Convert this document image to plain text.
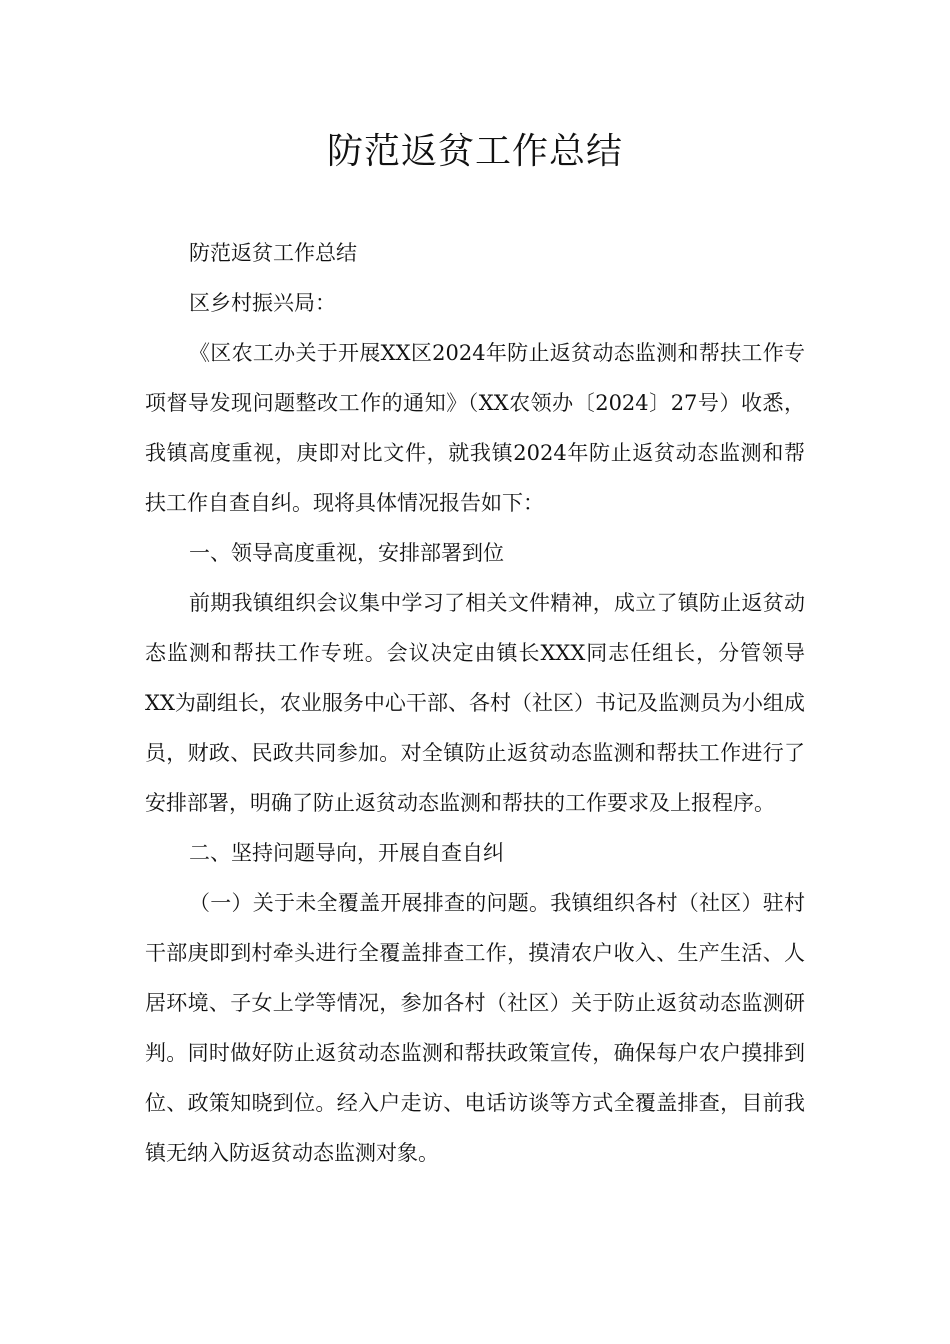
防范返贫工作总结

防范返贫工作总结

区乡村振兴局：

《区农工办关于开展XX区2024年防止返贫动态监测和帮扶工作专项督导发现问题整改工作的通知》（XX农领办〔2024〕27号）收悉，我镇高度重视，庚即对比文件，就我镇2024年防止返贫动态监测和帮扶工作自查自纠。现将具体情况报告如下：

一、领导高度重视，安排部署到位

前期我镇组织会议集中学习了相关文件精神，成立了镇防止返贫动态监测和帮扶工作专班。会议决定由镇长XXX同志任组长，分管领导XX为副组长，农业服务中心干部、各村（社区）书记及监测员为小组成员，财政、民政共同参加。对全镇防止返贫动态监测和帮扶工作进行了安排部署，明确了防止返贫动态监测和帮扶的工作要求及上报程序。

二、坚持问题导向，开展自查自纠

（一）关于未全覆盖开展排查的问题。我镇组织各村（社区）驻村干部庚即到村牵头进行全覆盖排查工作，摸清农户收入、生产生活、人居环境、子女上学等情况，参加各村（社区）关于防止返贫动态监测研判。同时做好防止返贫动态监测和帮扶政策宣传，确保每户农户摸排到位、政策知晓到位。经入户走访、电话访谈等方式全覆盖排查，目前我镇无纳入防返贫动态监测对象。
